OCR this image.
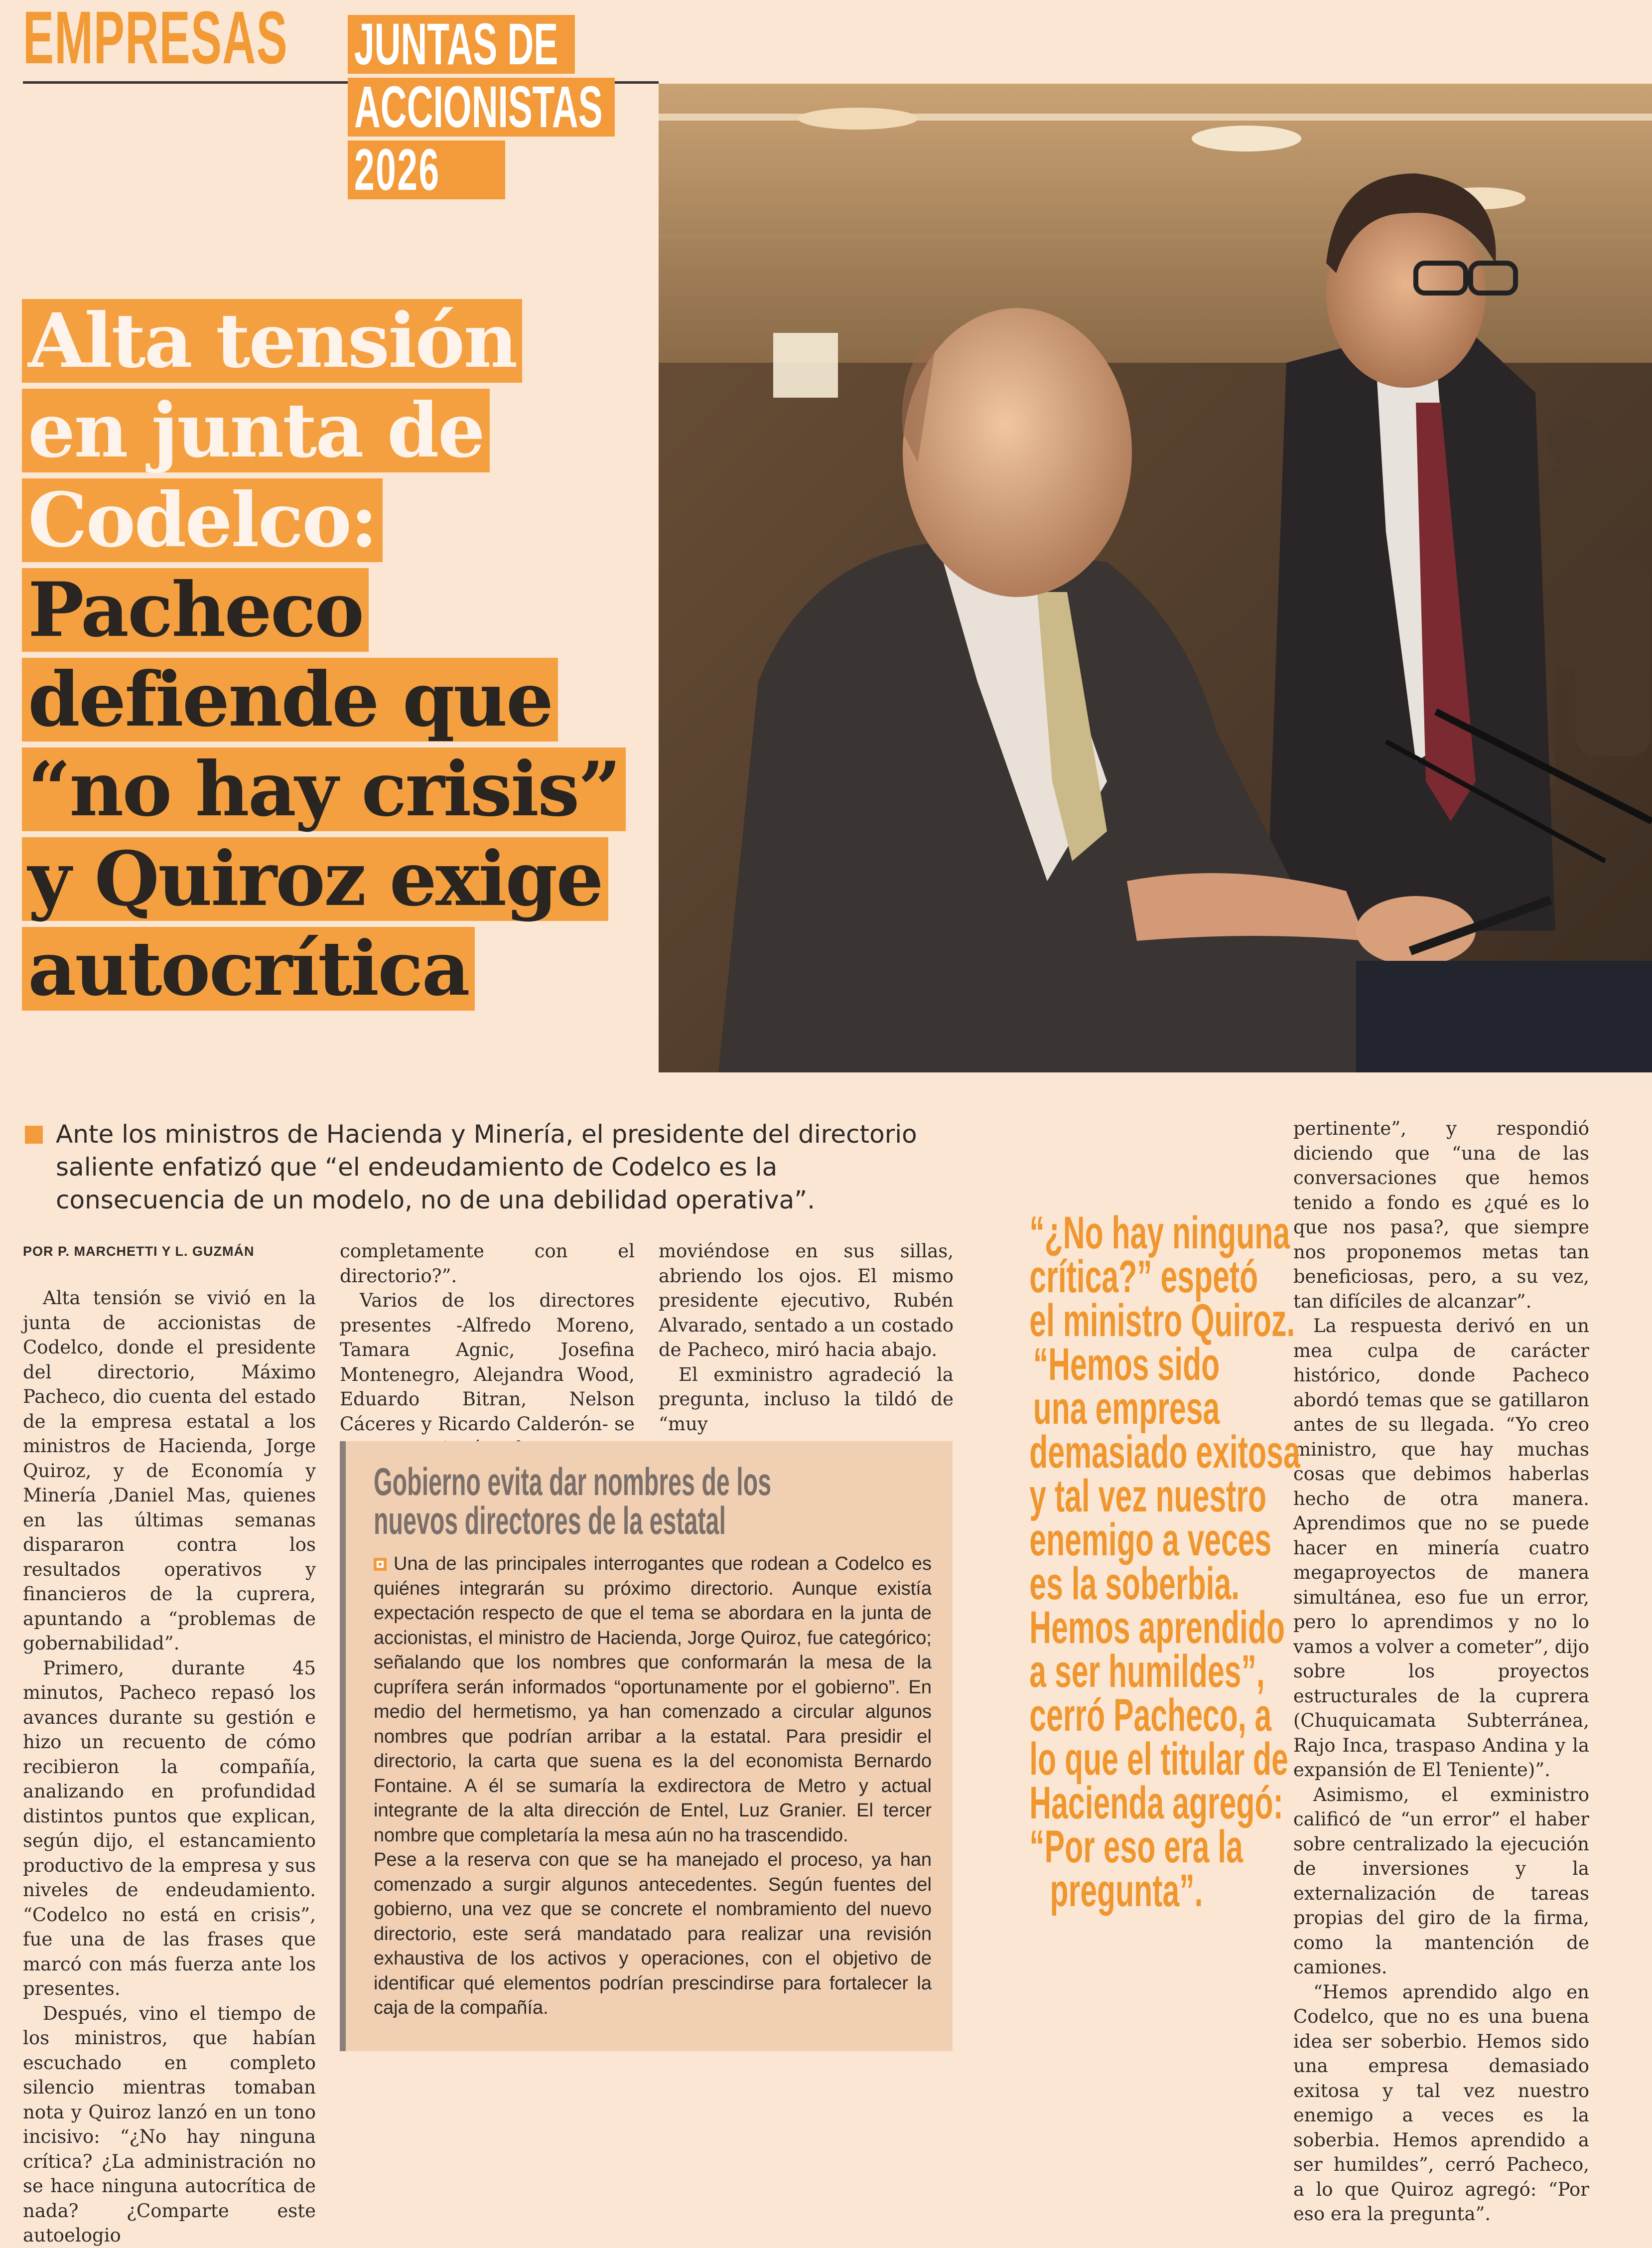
EMPRESAS JUNTAS DE
ACCIONISTAS
2026
Alta tensión
en junta de
Codelco:
Pacheco
defiende que
“no hay crisis”
y Quiroz exige
autocrítica
Ante los ministros de Hacienda y Minería, el presidente del directorio saliente enfatizó que “el endeudamiento de Codelco es la consecuencia de un modelo, no de una debilidad operativa”.
POR P. MARCHETTI Y L. GUZMÁN

Alta tensión se vivió en la junta de accionistas de Codelco, donde el presidente del directorio, Máximo Pacheco, dio cuenta del estado de la empresa estatal a los ministros de Hacienda, Jorge Quiroz, y de Economía y Minería ,Daniel Mas, quienes en las últimas semanas dispararon contra los resultados operativos y financieros de la cuprera, apuntando a “problemas de gobernabilidad”.

Primero, durante 45 minutos, Pacheco repasó los avances durante su gestión e hizo un recuento de cómo recibieron la compañía, analizando en profundidad distintos puntos que explican, según dijo, el estancamiento productivo de la empresa y sus niveles de endeudamiento. “Codelco no está en crisis”, fue una de las frases que marcó con más fuerza ante los presentes.

Después, vino el tiempo de los ministros, que habían escuchado en completo silencio mientras tomaban nota y Quiroz lanzó en un tono incisivo: “¿No hay ninguna crítica? ¿La administración no se hace ninguna autocrítica de nada? ¿Comparte este autoelogio

completamente con el directorio?”.

Varios de los directores presentes -Alfredo Moreno, Tamara Agnic, Josefina Montenegro, Alejandra Wood, Eduardo Bitran, Nelson Cáceres y Ricardo Calderón- se

moviéndose en sus sillas, abriendo los ojos. El mismo presidente ejecutivo, Rubén Alvarado, sentado a un costado de Pacheco, miró hacia abajo.

El exministro agradeció la pregunta, incluso la tildó de “muy

pertinente”, y respondió diciendo que “una de las conversaciones que hemos tenido a fondo es ¿qué es lo que nos pasa?, que siempre nos proponemos metas tan beneficiosas, pero, a su vez, tan difíciles de alcanzar”.

La respuesta derivó en un mea culpa de carácter histórico, donde Pacheco abordó temas que se gatillaron antes de su llegada. “Yo creo ministro, que hay muchas cosas que debimos haberlas hecho de otra manera. Aprendimos que no se puede hacer en minería cuatro megaproyectos de manera simultánea, eso fue un error, pero lo aprendimos y no lo vamos a volver a cometer”, dijo sobre los proyectos estructurales de la cuprera (Chuquicamata Subterránea, Rajo Inca, traspaso Andina y la expansión de El Teniente)”.

Asimismo, el exministro calificó de “un error” el haber sobre centralizado la ejecución de inversiones y la externalización de tareas propias del giro de la firma, como la mantención de camiones.

“Hemos aprendido algo en Codelco, que no es una buena idea ser soberbio. Hemos sido una empresa demasiado exitosa y tal vez nuestro enemigo a veces es la soberbia. Hemos aprendido a ser humildes”, cerró Pacheco, a lo que Quiroz agregó: “Por eso era la pregunta”.

Gobierno evita dar nombres de los
nuevos directores de la estatal

Una de las principales interrogantes que rodean a Codelco es quiénes integrarán su próximo directorio. Aunque existía expectación respecto de que el tema se abordara en la junta de accionistas, el ministro de Hacienda, Jorge Quiroz, fue categórico; señalando que los nombres que conformarán la mesa de la cuprífera serán informados “oportunamente por el gobierno”. En medio del hermetismo, ya han comenzado a circular algunos nombres que podrían arribar a la estatal. Para presidir el directorio, la carta que suena es la del economista Bernardo Fontaine. A él se sumaría la exdirectora de Metro y actual integrante de la alta dirección de Entel, Luz Granier. El tercer nombre que completaría la mesa aún no ha trascendido.

Pese a la reserva con que se ha manejado el proceso, ya han comenzado a surgir algunos antecedentes. Según fuentes del gobierno, una vez que se concrete el nombramiento del nuevo directorio, este será mandatado para realizar una revisión exhaustiva de los activos y operaciones, con el objetivo de identificar qué elementos podrían prescindirse para fortalecer la caja de la compañía.

“¿No hay ninguna
crítica?” espetó
el ministro Quiroz.
“Hemos sido
una empresa
demasiado exitosa
y tal vez nuestro
enemigo a veces
es la soberbia.
Hemos aprendido
a ser humildes”,
cerró Pacheco, a
lo que el titular de
Hacienda agregó:
“Por eso era la
pregunta”.
